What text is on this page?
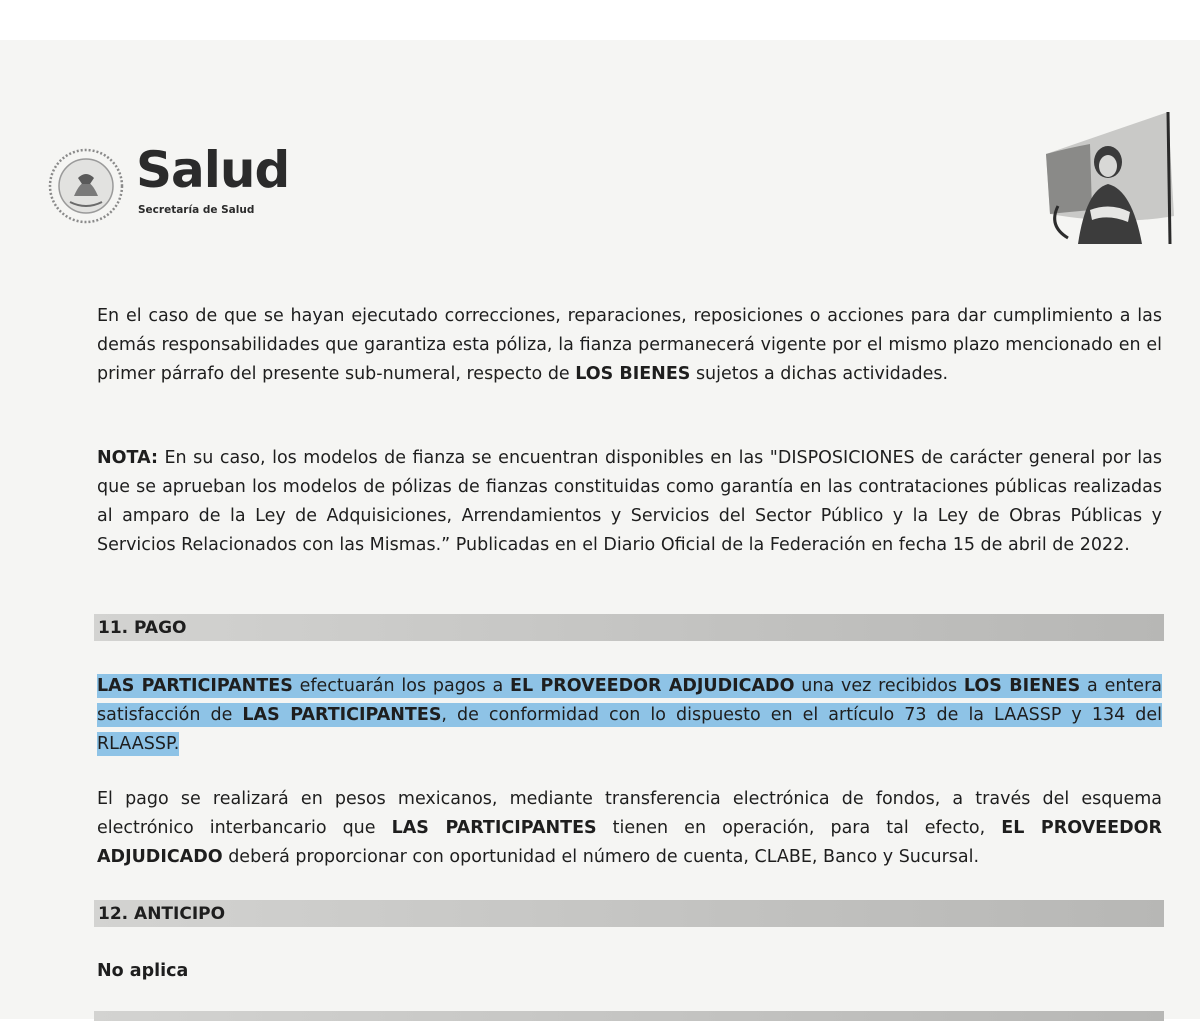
Salud
Secretaría de Salud
En el caso de que se hayan ejecutado correcciones, reparaciones, reposiciones o acciones para dar cumplimiento a las demás responsabilidades que garantiza esta póliza, la fianza permanecerá vigente por el mismo plazo mencionado en el primer párrafo del presente sub-numeral, respecto de LOS BIENES sujetos a dichas actividades.
NOTA: En su caso, los modelos de fianza se encuentran disponibles en las "DISPOSICIONES de carácter general por las que se aprueban los modelos de pólizas de fianzas constituidas como garantía en las contrataciones públicas realizadas al amparo de la Ley de Adquisiciones, Arrendamientos y Servicios del Sector Público y la Ley de Obras Públicas y Servicios Relacionados con las Mismas.” Publicadas en el Diario Oficial de la Federación en fecha 15 de abril de 2022.
11. PAGO
LAS PARTICIPANTES efectuarán los pagos a EL PROVEEDOR ADJUDICADO una vez recibidos LOS BIENES a entera satisfacción de LAS PARTICIPANTES, de conformidad con lo dispuesto en el artículo 73 de la LAASSP y 134 del RLAASSP.
El pago se realizará en pesos mexicanos, mediante transferencia electrónica de fondos, a través del esquema electrónico interbancario que LAS PARTICIPANTES tienen en operación, para tal efecto, EL PROVEEDOR ADJUDICADO deberá proporcionar con oportunidad el número de cuenta, CLABE, Banco y Sucursal.
12. ANTICIPO
No aplica
